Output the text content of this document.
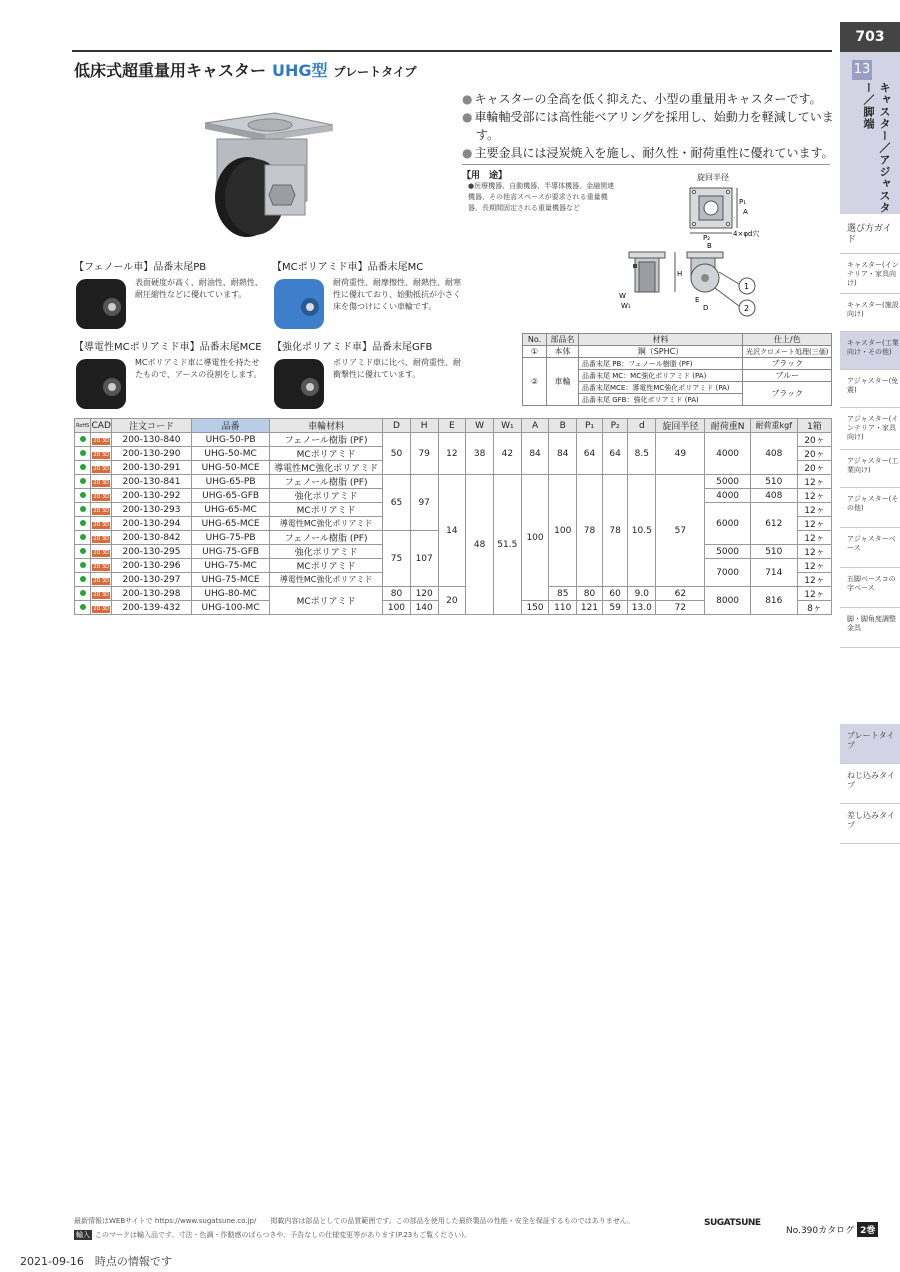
低床式超重量用キャスター UHG型 プレートタイプ
● キャスターの全高を低く抑えた、小型の重量用キャスターです。
● 車輪軸受部には高性能ベアリングを採用し、始動力を軽減しています。
● 主要金具には浸炭焼入を施し、耐久性・耐荷重性に優れています。
【用　途】
●医療機器、自動機器、半導体機器、金融関連機器、その他省スペースが要求される重量機器、長期間固定される重量機器など
旋回半径
P₁
A
P₂
B
4×φd穴
W
W₁
H
E
D
1
2
【フェノール車】品番末尾PB
表面硬度が高く、耐油性、耐熱性、耐圧縮性などに優れています。
【MCポリアミド車】品番末尾MC
耐荷重性、耐摩擦性、耐熱性、耐寒性に優れており、始動抵抗が小さく床を傷つけにくい車輪です。
【導電性MCポリアミド車】品番末尾MCE
MCポリアミド車に導電性を持たせたもので、アースの役割をします。
【強化ポリアミド車】品番末尾GFB
ポリアミド車に比べ、耐荷重性、耐衝撃性に優れています。
No.	部品名	材料	仕上/色
①	本体	鋼（SPHC）	光沢クロメート処理(三価)
②	車輪	品番末尾 PB：フェノール樹脂 (PF)	ブラック
		品番末尾 MC：MC強化ポリアミド (PA)	ブルー
		品番末尾MCE：導電性MC強化ポリアミド (PA)	ブラック
		品番末尾 GFB：強化ポリアミド (PA)	
RoHS	CAD	注文コード	品番	車輪材料	D	H	E	W	W₁	A	B	P₁	P₂	d	旋回半径	耐荷重N	耐荷重kgf	1箱
	2D 3D	200-130-840	UHG-50-PB	フェノール樹脂 (PF)	50	79	12	38	42	84	84	64	64	8.5	49	4000	408	20ヶ
	2D 3D	200-130-290	UHG-50-MC	MCポリアミド														20ヶ
	2D 3D	200-130-291	UHG-50-MCE	導電性MC強化ポリアミド														20ヶ
	2D 3D	200-130-841	UHG-65-PB	フェノール樹脂 (PF)	65	97	14	48	51.5	100	100	78	78	10.5	57	5000	510	12ヶ
	2D 3D	200-130-292	UHG-65-GFB	強化ポリアミド												4000	408	12ヶ
	2D 3D	200-130-293	UHG-65-MC	MCポリアミド												6000	612	12ヶ
	2D 3D	200-130-294	UHG-65-MCE	導電性MC強化ポリアミド														12ヶ
	2D 3D	200-130-842	UHG-75-PB	フェノール樹脂 (PF)	75	107												12ヶ
	2D 3D	200-130-295	UHG-75-GFB	強化ポリアミド												5000	510	12ヶ
	2D 3D	200-130-296	UHG-75-MC	MCポリアミド												7000	714	12ヶ
	2D 3D	200-130-297	UHG-75-MCE	導電性MC強化ポリアミド														12ヶ
	2D 3D	200-130-298	UHG-80-MC	MCポリアミド	80	120	20				85	80	60	9.0	62	8000	816	12ヶ
	2D 3D	200-139-432	UHG-100-MC		100	140				150	110	121	59	13.0	72			8ヶ
703
13
キャスター／アジャスター／脚端
選び方ガイド
キャスター(インテリア・家具向け)
キャスター(施設向け)
キャスター(工業向け・その他)
アジャスター(免震)
アジャスター(インテリア・家具向け)
アジャスター(工業向け)
アジャスター(その他)
アジャスターベース
五脚ベースコの字ベース
脚・脚角度調整金具
プレートタイプ
ねじ込みタイプ
差し込みタイプ
最新情報はWEBサイトで https://www.sugatsune.co.jp/　　掲載内容は部品としての品質範囲です。この部品を使用した最終製品の性能・安全を保証するものではありません。
輸入 このマークは輸入品です。寸法・色調・作動感のばらつきや、予告なしの仕様変更等があります(P.23もご覧ください)。
SUGATSUNE
No.390カタログ 2巻
2021-09-16　時点の情報です
